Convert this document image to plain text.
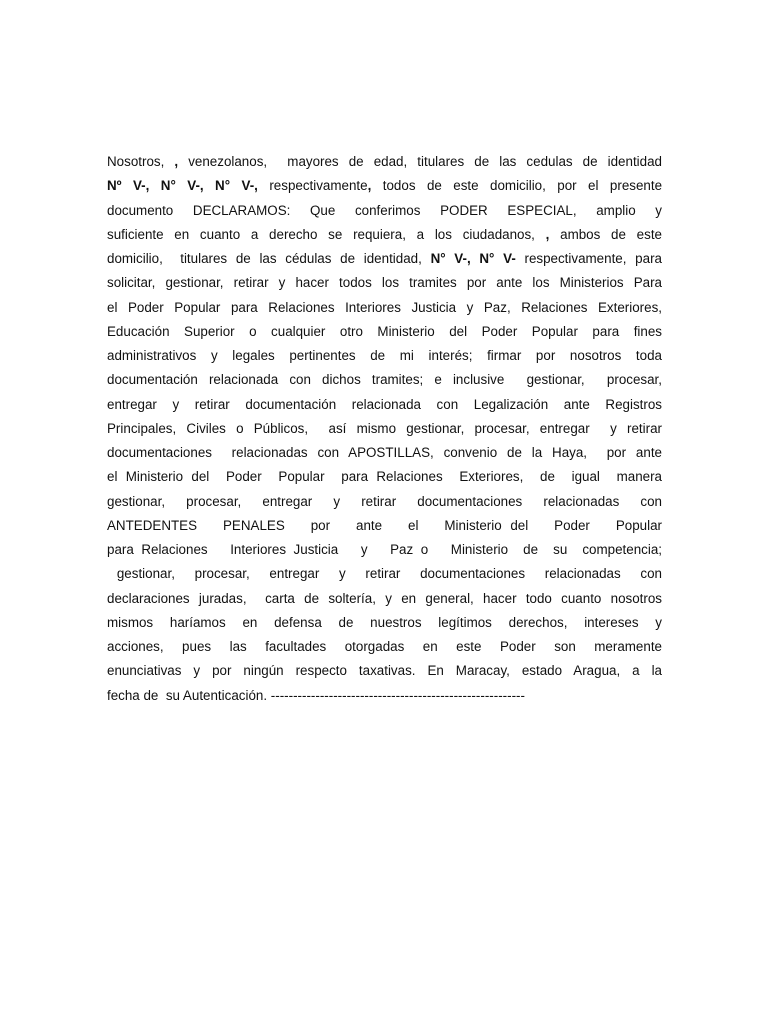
Nosotros, , venezolanos,  mayores de edad, titulares de las cedulas de identidad
Nº V-, N° V-, N° V-, respectivamente, todos de este domicilio, por el presente
documento DECLARAMOS: Que conferimos PODER ESPECIAL, amplio y
suficiente en cuanto a derecho se requiera, a los ciudadanos, , ambos de este
domicilio,  titulares de las cédulas de identidad, N° V-, N° V- respectivamente, para
solicitar, gestionar, retirar y hacer todos los tramites por ante los Ministerios Para
el Poder Popular para Relaciones Interiores Justicia y Paz, Relaciones Exteriores,
Educación Superior o cualquier otro Ministerio del Poder Popular para fines
administrativos y legales pertinentes de mi interés; firmar por nosotros toda
documentación relacionada con dichos tramites; e inclusive  gestionar,  procesar,
entregar y retirar documentación relacionada con Legalización ante Registros
Principales, Civiles o Públicos,  así mismo gestionar, procesar, entregar  y retirar
documentaciones  relacionadas con APOSTILLAS, convenio de la Haya,  por ante
el Ministerio del  Poder  Popular  para Relaciones  Exteriores,  de  igual  manera
gestionar,  procesar,  entregar  y  retirar  documentaciones  relacionadas  con
ANTEDENTES   PENALES   por   ante   el   Ministerio del   Poder   Popular
para Relaciones   Interiores Justicia   y   Paz o   Ministerio  de  su  competencia;
gestionar,  procesar,  entregar  y  retirar  documentaciones  relacionadas  con
declaraciones juradas,  carta de soltería, y en general, hacer todo cuanto nosotros
mismos haríamos en defensa de nuestros legítimos derechos, intereses y
acciones, pues las facultades otorgadas en este Poder son meramente
enunciativas y por ningún respecto taxativas. En Maracay, estado Aragua, a la
fecha de  su Autenticación. ---------------------------------------------------------
